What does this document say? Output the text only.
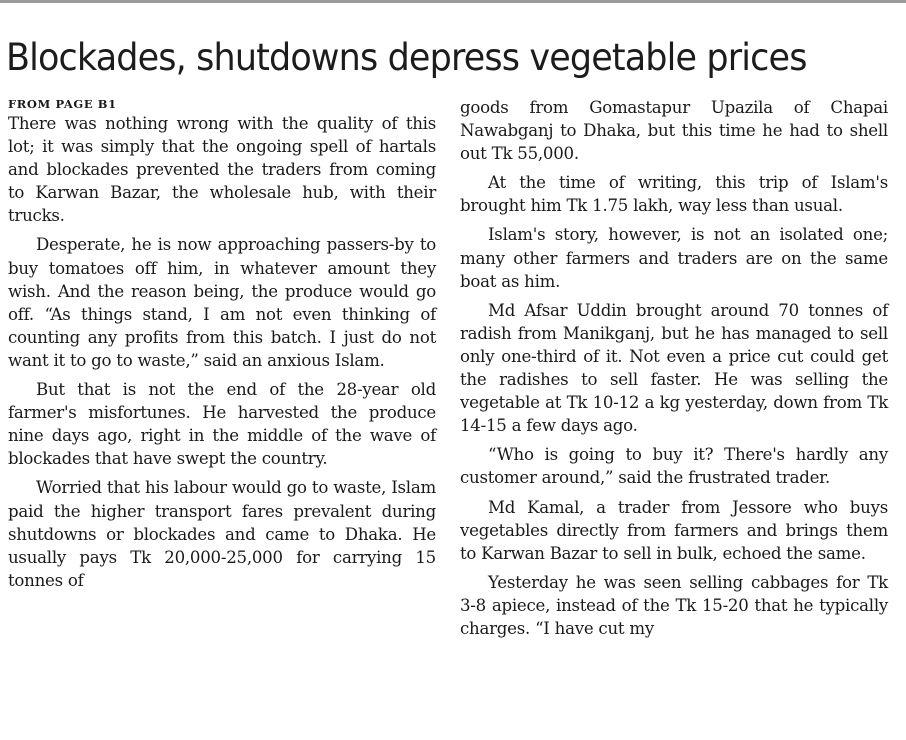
Blockades, shutdowns depress vegetable prices
FROM PAGE B1

There was nothing wrong with the quality of this lot; it was simply that the ongoing spell of hartals and blockades prevented the traders from coming to Karwan Bazar, the wholesale hub, with their trucks.

Desperate, he is now approaching passers-by to buy tomatoes off him, in whatever amount they wish. And the reason being, the produce would go off. “As things stand, I am not even thinking of counting any profits from this batch. I just do not want it to go to waste,” said an anxious Islam.

But that is not the end of the 28-year old farmer's misfortunes. He harvested the produce nine days ago, right in the middle of the wave of blockades that have swept the country.

Worried that his labour would go to waste, Islam paid the higher transport fares prevalent during shutdowns or blockades and came to Dhaka. He usually pays Tk 20,000-25,000 for carrying 15 tonnes of

goods from Gomastapur Upazila of Chapai Nawabganj to Dhaka, but this time he had to shell out Tk 55,000.

At the time of writing, this trip of Islam's brought him Tk 1.75 lakh, way less than usual.

Islam's story, however, is not an isolated one; many other farmers and traders are on the same boat as him.

Md Afsar Uddin brought around 70 tonnes of radish from Manikganj, but he has managed to sell only one-third of it. Not even a price cut could get the radishes to sell faster. He was selling the vegetable at Tk 10-12 a kg yesterday, down from Tk 14-15 a few days ago.

“Who is going to buy it? There's hardly any customer around,” said the frustrated trader.

Md Kamal, a trader from Jessore who buys vegetables directly from farmers and brings them to Karwan Bazar to sell in bulk, echoed the same.

Yesterday he was seen selling cabbages for Tk 3-8 apiece, instead of the Tk 15-20 that he typically charges. “I have cut my
